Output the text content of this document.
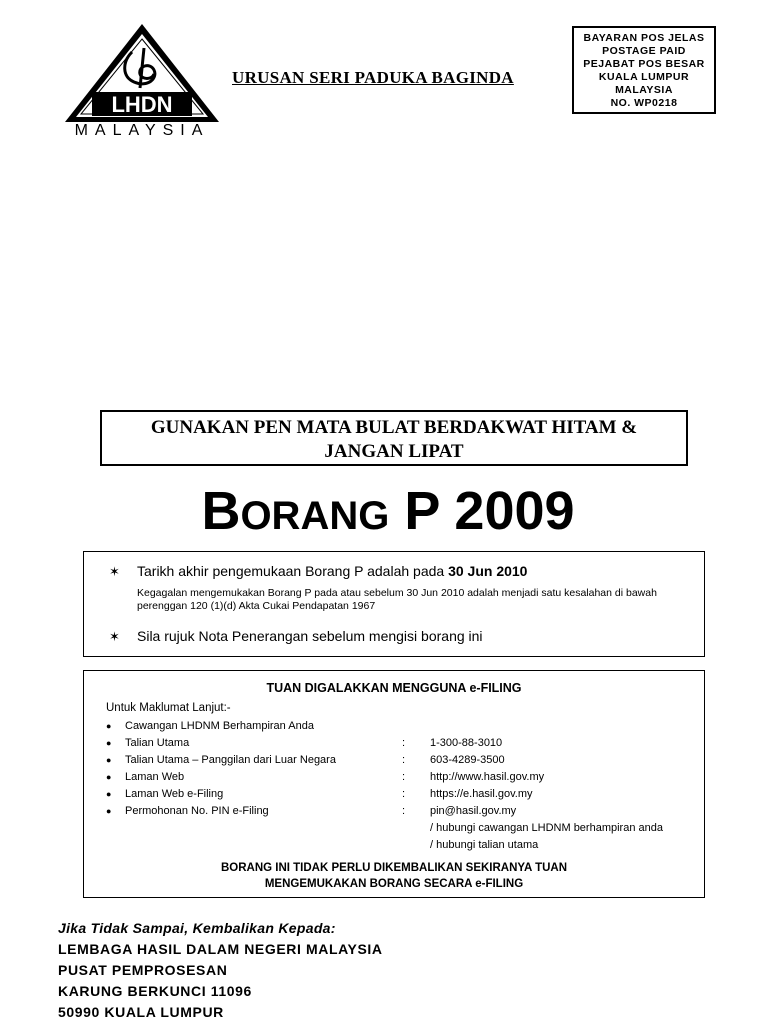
LHDN
MALAYSIA
URUSAN SERI PADUKA BAGINDA
BAYARAN POS JELAS
POSTAGE PAID
PEJABAT POS BESAR
KUALA LUMPUR
MALAYSIA
NO. WP0218
GUNAKAN PEN MATA BULAT BERDAKWAT HITAM &
JANGAN LIPAT
BORANG P 2009
✶ Tarikh akhir pengemukaan Borang P adalah pada 30 Jun 2010
Kegagalan mengemukakan Borang P pada atau sebelum 30 Jun 2010 adalah menjadi satu kesalahan di bawah perenggan 120 (1)(d) Akta Cukai Pendapatan 1967
✶ Sila rujuk Nota Penerangan sebelum mengisi borang ini
TUAN DIGALAKKAN MENGGUNA e-FILING
Untuk Maklumat Lanjut:-
● Cawangan LHDNM Berhampiran Anda
● Talian Utama	: 1-300-88-3010
● Talian Utama – Panggilan dari Luar Negara	: 603-4289-3500
● Laman Web	: http://www.hasil.gov.my
● Laman Web e-Filing	: https://e.hasil.gov.my
● Permohonan No. PIN e-Filing	: pin@hasil.gov.my
/ hubungi cawangan LHDNM berhampiran anda
/ hubungi talian utama
BORANG INI TIDAK PERLU DIKEMBALIKAN SEKIRANYA TUAN
MENGEMUKAKAN BORANG SECARA e-FILING
Jika Tidak Sampai, Kembalikan Kepada:
LEMBAGA HASIL DALAM NEGERI MALAYSIA
PUSAT PEMPROSESAN
KARUNG BERKUNCI 11096
50990 KUALA LUMPUR
